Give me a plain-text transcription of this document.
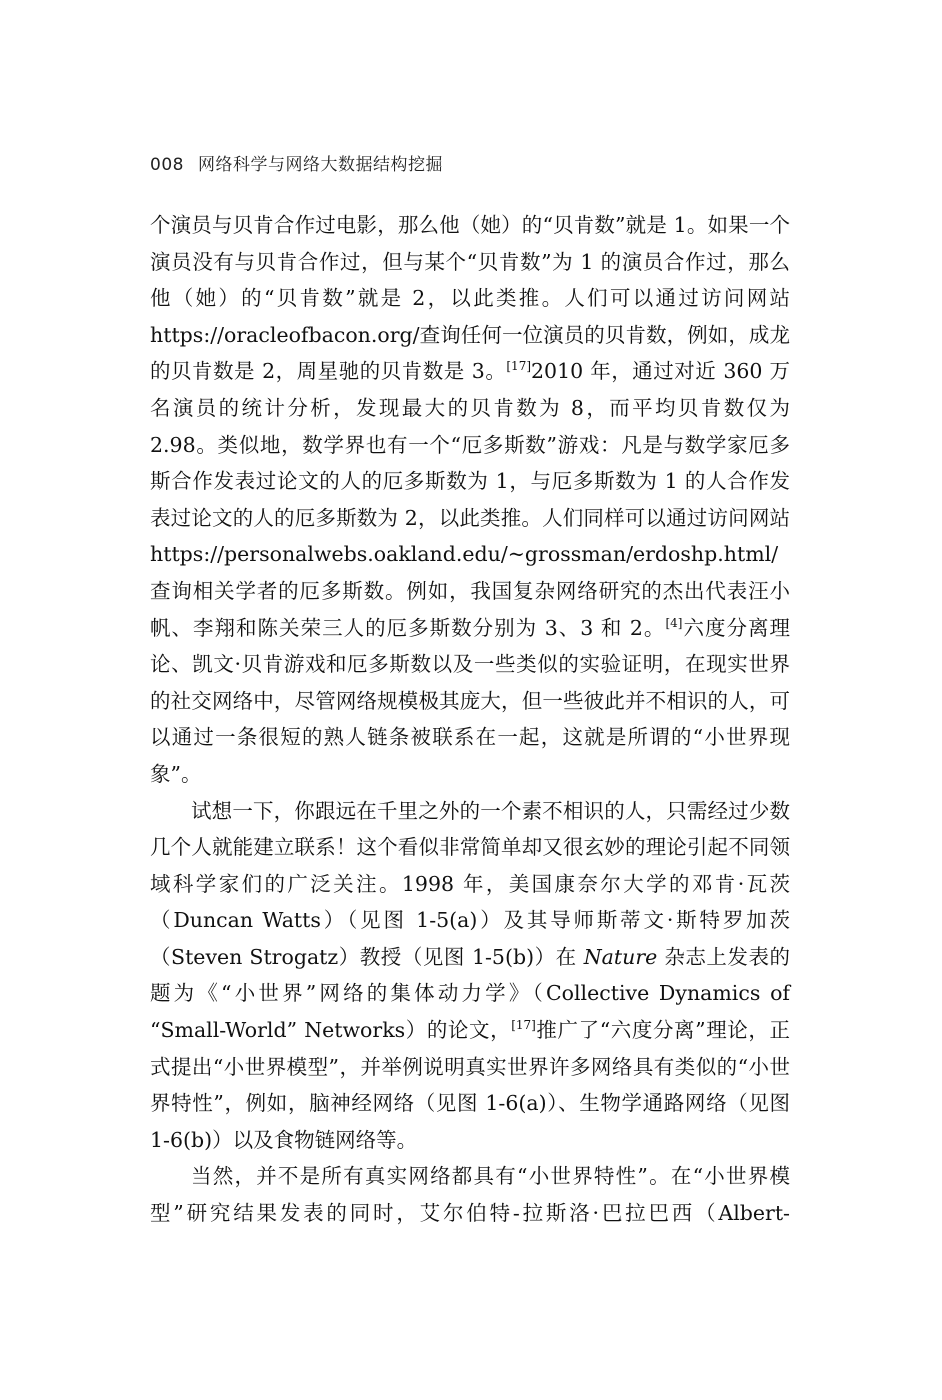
008 网络科学与网络大数据结构挖掘

个演员与贝肯合作过电影，那么他（她）的“贝肯数”就是 1。如果一个演员没有与贝肯合作过，但与某个“贝肯数”为 1 的演员合作过，那么他（她）的“贝肯数”就是 2，以此类推。人们可以通过访问网站 https://oracleofbacon.org/查询任何一位演员的贝肯数，例如，成龙的贝肯数是 2，周星驰的贝肯数是 3。[17]2010 年，通过对近 360 万名演员的统计分析，发现最大的贝肯数为 8，而平均贝肯数仅为 2.98。类似地，数学界也有一个“厄多斯数”游戏：凡是与数学家厄多斯合作发表过论文的人的厄多斯数为 1，与厄多斯数为 1 的人合作发表过论文的人的厄多斯数为 2，以此类推。人们同样可以通过访问网站 https://personalwebs.oakland.edu/~grossman/erdoshp.html/ 查询相关学者的厄多斯数。例如，我国复杂网络研究的杰出代表汪小帆、李翔和陈关荣三人的厄多斯数分别为 3、3 和 2。[4]六度分离理论、凯文·贝肯游戏和厄多斯数以及一些类似的实验证明，在现实世界的社交网络中，尽管网络规模极其庞大，但一些彼此并不相识的人，可以通过一条很短的熟人链条被联系在一起，这就是所谓的“小世界现象”。

试想一下，你跟远在千里之外的一个素不相识的人，只需经过少数几个人就能建立联系！这个看似非常简单却又很玄妙的理论引起不同领域科学家们的广泛关注。1998 年，美国康奈尔大学的邓肯·瓦茨（Duncan Watts）（见图 1-5(a)）及其导师斯蒂文·斯特罗加茨（Steven Strogatz）教授（见图 1-5(b)）在 Nature 杂志上发表的题为《“小世界”网络的集体动力学》（Collective Dynamics of “Small-World” Networks）的论文，[17]推广了“六度分离”理论，正式提出“小世界模型”，并举例说明真实世界许多网络具有类似的“小世界特性”，例如，脑神经网络（见图 1-6(a)）、生物学通路网络（见图 1-6(b)）以及食物链网络等。

当然，并不是所有真实网络都具有“小世界特性”。在“小世界模型”研究结果发表的同时，艾尔伯特-拉斯洛·巴拉巴西（Albert-
